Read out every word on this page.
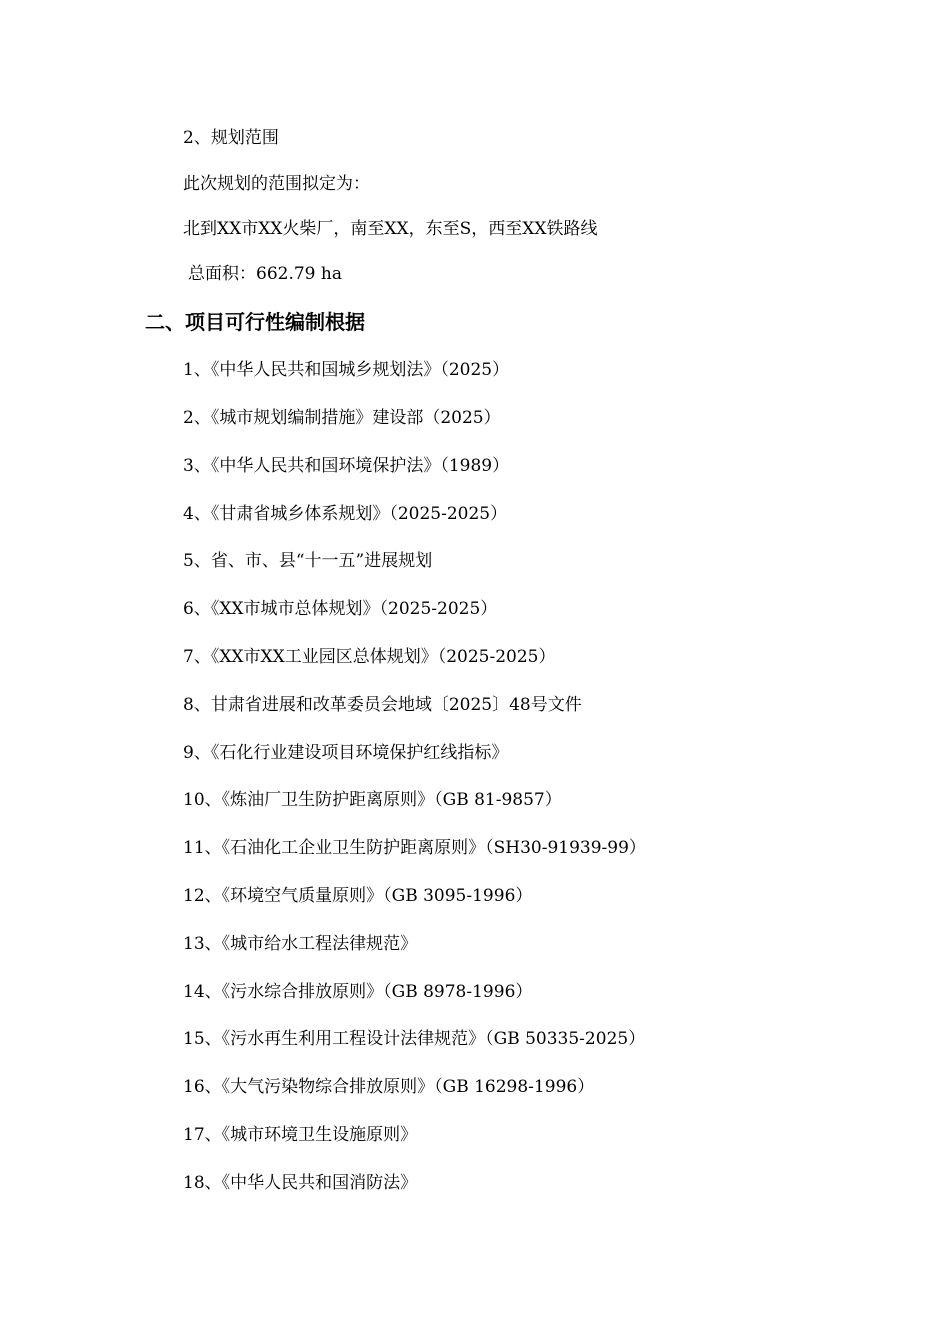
2、规划范围
此次规划的范围拟定为：
北到XX市XX火柴厂，南至XX，东至S，西至XX铁路线
总面积：662.79 ha
二、项目可行性编制根据
1、《中华人民共和国城乡规划法》（2025）
2、《城市规划编制措施》建设部（2025）
3、《中华人民共和国环境保护法》（1989）
4、《甘肃省城乡体系规划》（2025-2025）
5、省、市、县“十一五”进展规划
6、《XX市城市总体规划》（2025-2025）
7、《XX市XX工业园区总体规划》（2025-2025）
8、甘肃省进展和改革委员会地域〔2025〕48号文件
9、《石化行业建设项目环境保护红线指标》
10、《炼油厂卫生防护距离原则》（GB 81-9857）
11、《石油化工企业卫生防护距离原则》（SH30-91939-99）
12、《环境空气质量原则》（GB 3095-1996）
13、《城市给水工程法律规范》
14、《污水综合排放原则》（GB 8978-1996）
15、《污水再生利用工程设计法律规范》（GB 50335-2025）
16、《大气污染物综合排放原则》（GB 16298-1996）
17、《城市环境卫生设施原则》
18、《中华人民共和国消防法》
